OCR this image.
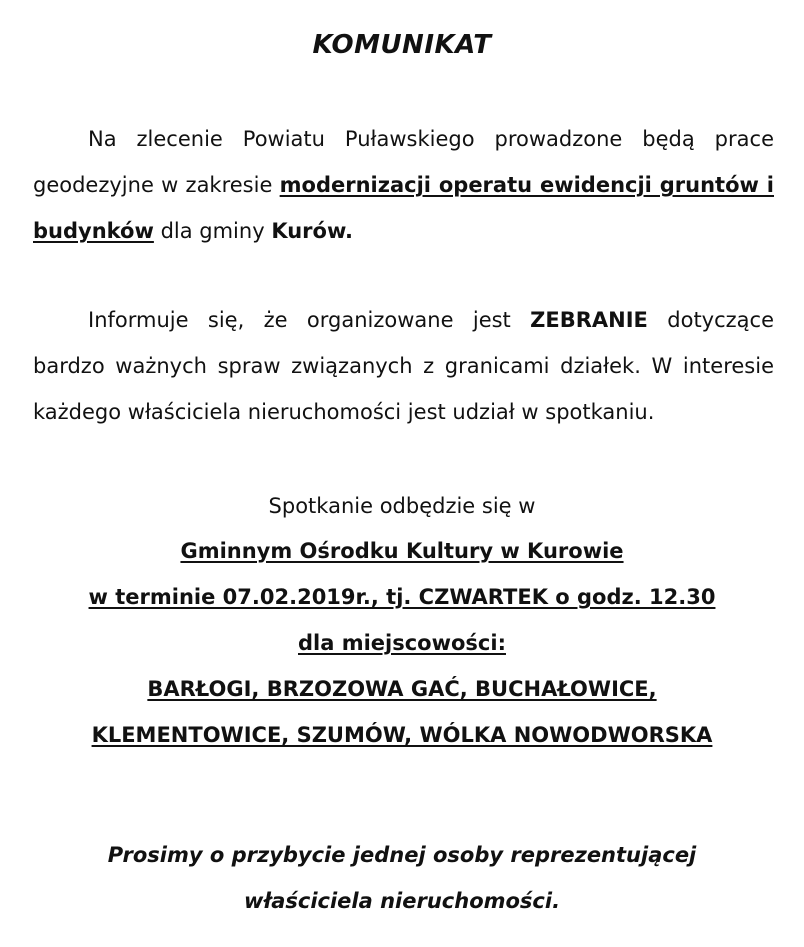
KOMUNIKAT
Na zlecenie Powiatu Puławskiego prowadzone będą prace geodezyjne w zakresie modernizacji operatu ewidencji gruntów i budynków dla gminy Kurów.
Informuje się, że organizowane jest ZEBRANIE dotyczące bardzo ważnych spraw związanych z granicami działek. W interesie każdego właściciela nieruchomości jest udział w spotkaniu.
Spotkanie odbędzie się w
Gminnym Ośrodku Kultury w Kurowie
w terminie 07.02.2019r., tj. CZWARTEK o godz. 12.30
dla miejscowości:
BARŁOGI, BRZOZOWA GAĆ, BUCHAŁOWICE,
KLEMENTOWICE, SZUMÓW, WÓLKA NOWODWORSKA
Prosimy o przybycie jednej osoby reprezentującej
właściciela nieruchomości.
